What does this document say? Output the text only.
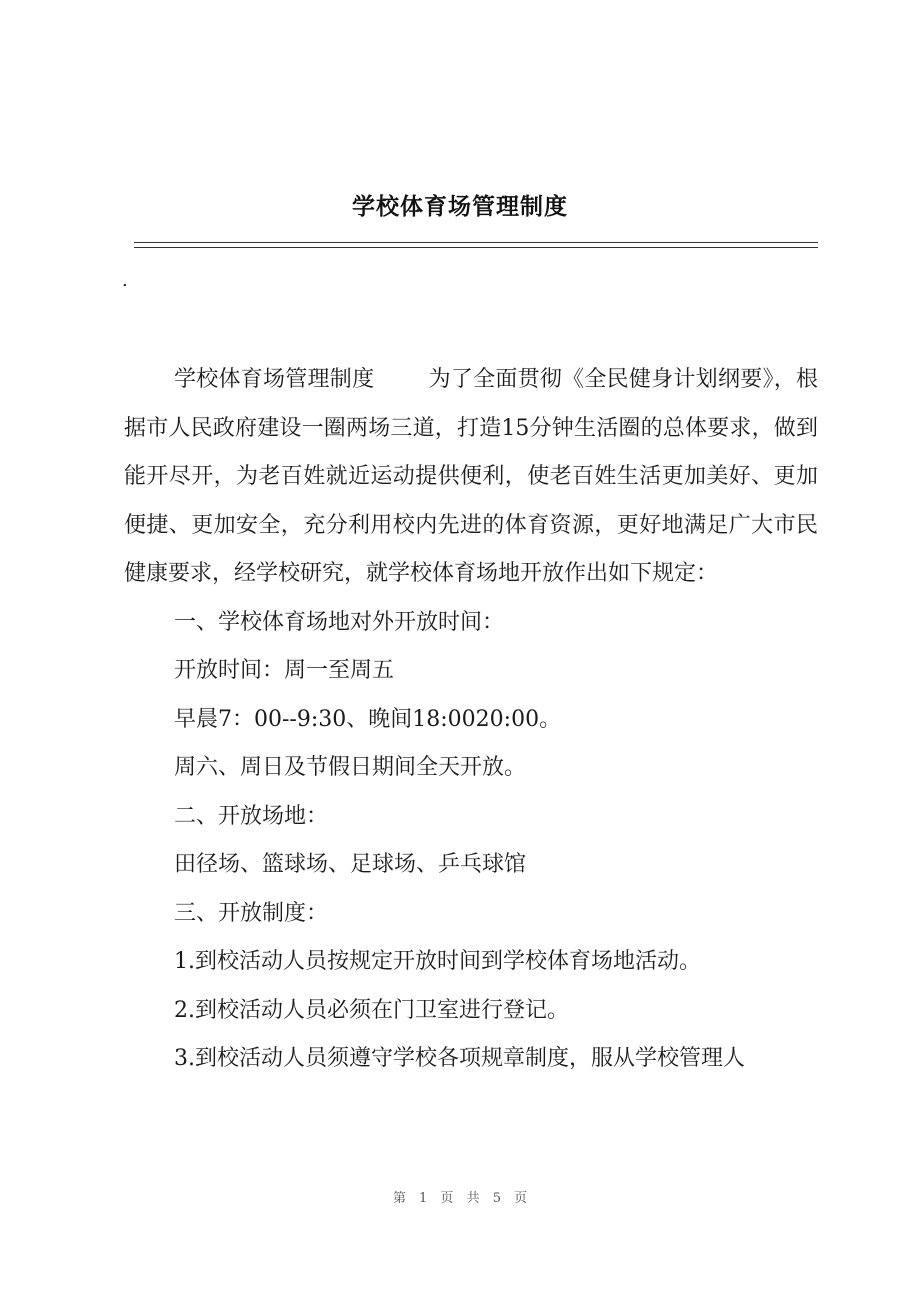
学校体育场管理制度
.

学校体育场管理制度 为了全面贯彻《全民健身计划纲要》，根据市人民政府建设一圈两场三道，打造15分钟生活圈的总体要求，做到能开尽开，为老百姓就近运动提供便利，使老百姓生活更加美好、更加便捷、更加安全，充分利用校内先进的体育资源，更好地满足广大市民健康要求，经学校研究，就学校体育场地开放作出如下规定：

一、学校体育场地对外开放时间：

开放时间：周一至周五

早晨7：00--9:30、晚间18:0020:00。

周六、周日及节假日期间全天开放。

二、开放场地：

田径场、篮球场、足球场、乒乓球馆

三、开放制度：

1.到校活动人员按规定开放时间到学校体育场地活动。

2.到校活动人员必须在门卫室进行登记。

3.到校活动人员须遵守学校各项规章制度，服从学校管理人

第 1 页 共 5 页
